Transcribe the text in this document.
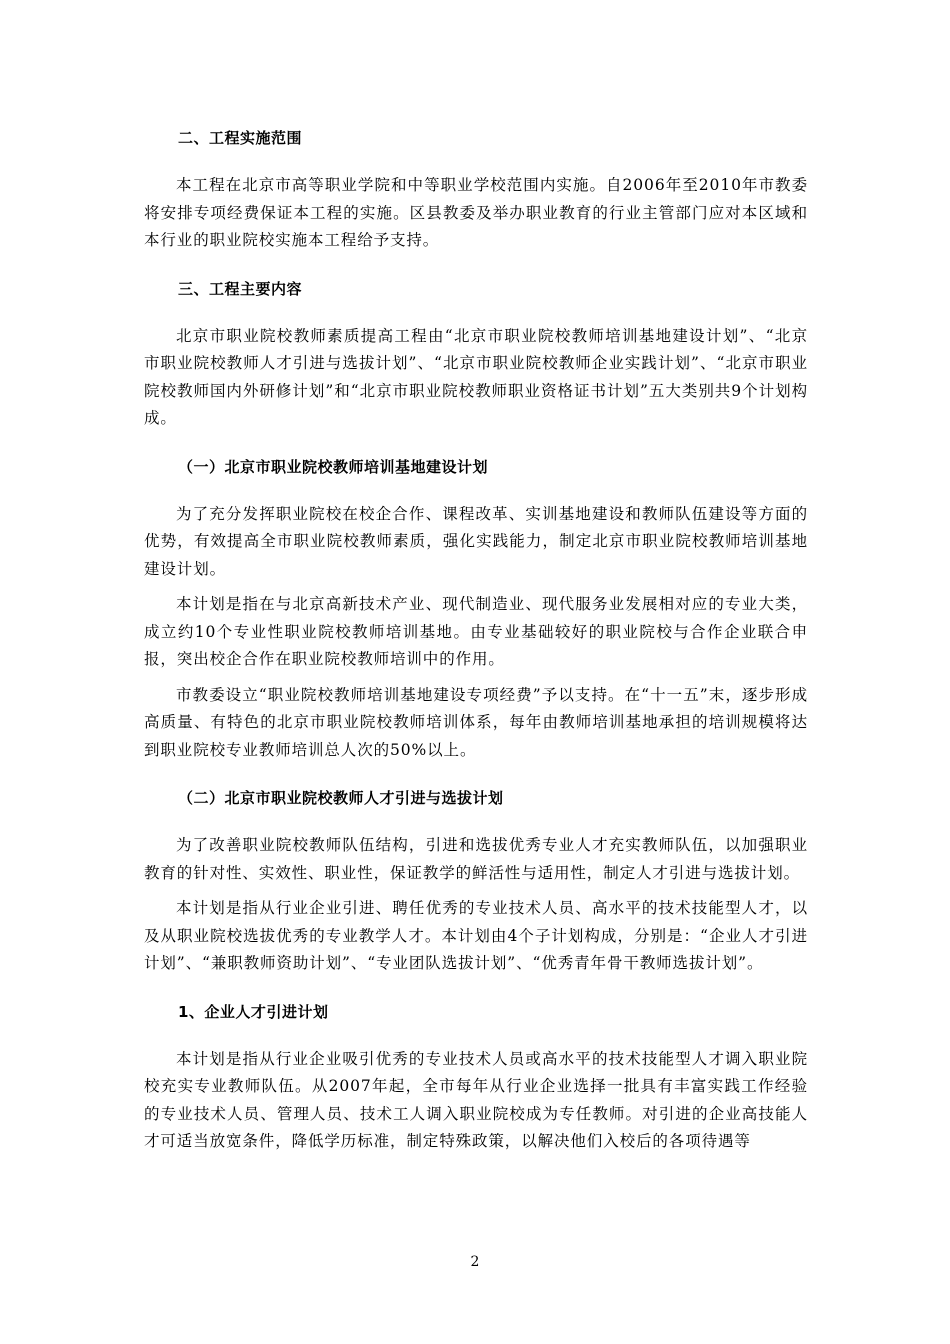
二、工程实施范围

本工程在北京市高等职业学院和中等职业学校范围内实施。自2006年至2010年市教委将安排专项经费保证本工程的实施。区县教委及举办职业教育的行业主管部门应对本区域和本行业的职业院校实施本工程给予支持。

三、工程主要内容

北京市职业院校教师素质提高工程由“北京市职业院校教师培训基地建设计划”、“北京市职业院校教师人才引进与选拔计划”、“北京市职业院校教师企业实践计划”、“北京市职业院校教师国内外研修计划”和“北京市职业院校教师职业资格证书计划”五大类别共9个计划构成。

（一）北京市职业院校教师培训基地建设计划

为了充分发挥职业院校在校企合作、课程改革、实训基地建设和教师队伍建设等方面的优势，有效提高全市职业院校教师素质，强化实践能力，制定北京市职业院校教师培训基地建设计划。

本计划是指在与北京高新技术产业、现代制造业、现代服务业发展相对应的专业大类，成立约10个专业性职业院校教师培训基地。由专业基础较好的职业院校与合作企业联合申报，突出校企合作在职业院校教师培训中的作用。

市教委设立“职业院校教师培训基地建设专项经费”予以支持。在“十一五”末，逐步形成高质量、有特色的北京市职业院校教师培训体系，每年由教师培训基地承担的培训规模将达到职业院校专业教师培训总人次的50%以上。

（二）北京市职业院校教师人才引进与选拔计划

为了改善职业院校教师队伍结构，引进和选拔优秀专业人才充实教师队伍，以加强职业教育的针对性、实效性、职业性，保证教学的鲜活性与适用性，制定人才引进与选拔计划。

本计划是指从行业企业引进、聘任优秀的专业技术人员、高水平的技术技能型人才，以及从职业院校选拔优秀的专业教学人才。本计划由4个子计划构成，分别是：“企业人才引进计划”、“兼职教师资助计划”、“专业团队选拔计划”、“优秀青年骨干教师选拔计划”。

1、企业人才引进计划

本计划是指从行业企业吸引优秀的专业技术人员或高水平的技术技能型人才调入职业院校充实专业教师队伍。从2007年起，全市每年从行业企业选择一批具有丰富实践工作经验的专业技术人员、管理人员、技术工人调入职业院校成为专任教师。对引进的企业高技能人才可适当放宽条件，降低学历标准，制定特殊政策，以解决他们入校后的各项待遇等

2
